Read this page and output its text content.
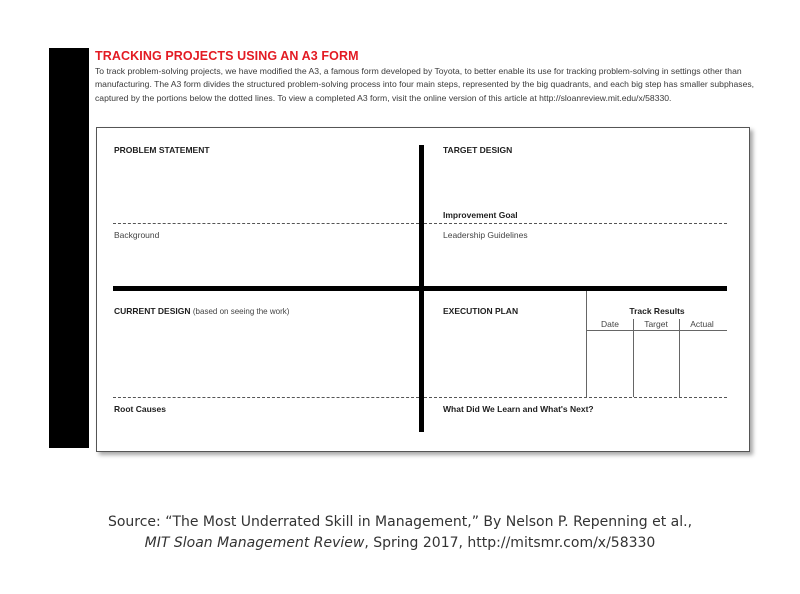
TRACKING PROJECTS USING AN A3 FORM

To track problem-solving projects, we have modified the A3, a famous form developed by Toyota, to better enable its use for tracking problem-solving in settings other than manufacturing. The A3 form divides the structured problem-solving process into four main steps, represented by the big quadrants, and each big step has smaller subphases, captured by the portions below the dotted lines. To view a completed A3 form, visit the online version of this article at http://sloanreview.mit.edu/x/58330.

PROBLEM STATEMENT
Background
TARGET DESIGN
Improvement Goal
Leadership Guidelines
CURRENT DESIGN (based on seeing the work)
Root Causes
EXECUTION PLAN
What Did We Learn and What's Next?
Track Results
Date	Target	Actual
Source: “The Most Underrated Skill in Management,” By Nelson P. Repenning et al.,
MIT Sloan Management Review, Spring 2017, http://mitsmr.com/x/58330
